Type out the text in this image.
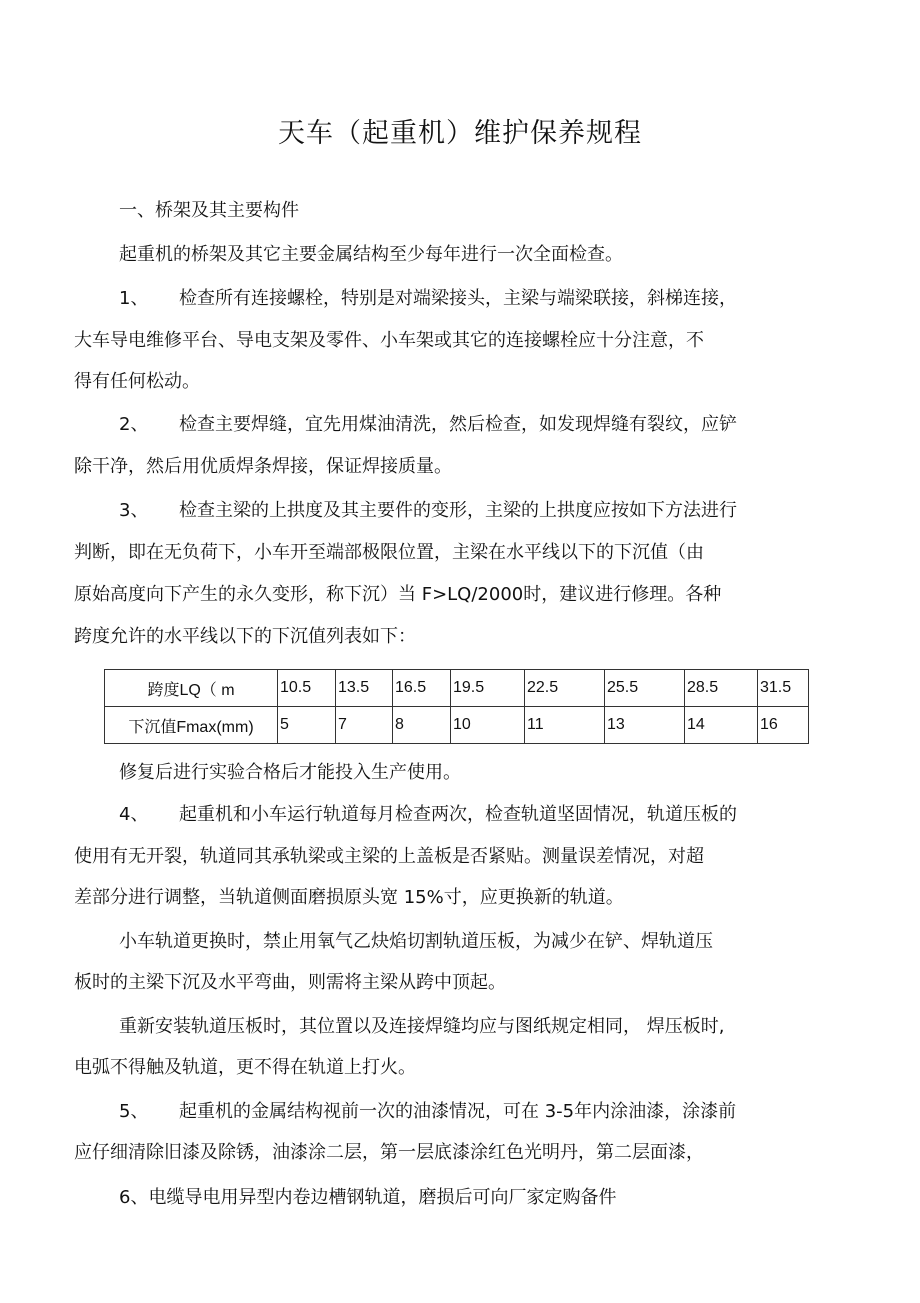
天车（起重机）维护保养规程

一、桥架及其主要构件

起重机的桥架及其它主要金属结构至少每年进行一次全面检查。

1、 检查所有连接螺栓，特别是对端梁接头，主梁与端梁联接，斜梯连接，

大车导电维修平台、导电支架及零件、小车架或其它的连接螺栓应十分注意，不

得有任何松动。

2、 检查主要焊缝，宜先用煤油清洗，然后检查，如发现焊缝有裂纹，应铲

除干净，然后用优质焊条焊接，保证焊接质量。

3、 检查主梁的上拱度及其主要件的变形，主梁的上拱度应按如下方法进行

判断，即在无负荷下，小车开至端部极限位置，主梁在水平线以下的下沉值（由

原始高度向下产生的永久变形，称下沉）当 F>LQ/2000时，建议进行修理。各种

跨度允许的水平线以下的下沉值列表如下：

跨度LQ（ m	10.5	13.5	16.5	19.5	22.5	25.5	28.5	31.5
下沉值Fmax(mm)	5	7	8	10	11	13	14	16

修复后进行实验合格后才能投入生产使用。

4、 起重机和小车运行轨道每月检查两次，检查轨道坚固情况，轨道压板的

使用有无开裂，轨道同其承轨梁或主梁的上盖板是否紧贴。测量误差情况，对超

差部分进行调整，当轨道侧面磨损原头宽 15%寸，应更换新的轨道。

小车轨道更换时，禁止用氧气乙炔焰切割轨道压板，为减少在铲、焊轨道压

板时的主梁下沉及水平弯曲，则需将主梁从跨中顶起。

重新安装轨道压板时，其位置以及连接焊缝均应与图纸规定相同， 焊压板时,

电弧不得触及轨道，更不得在轨道上打火。

5、 起重机的金属结构视前一次的油漆情况，可在 3-5年内涂油漆，涂漆前

应仔细清除旧漆及除锈，油漆涂二层，第一层底漆涂红色光明丹，第二层面漆，

6、电缆导电用异型内卷边槽钢轨道，磨损后可向厂家定购备件
